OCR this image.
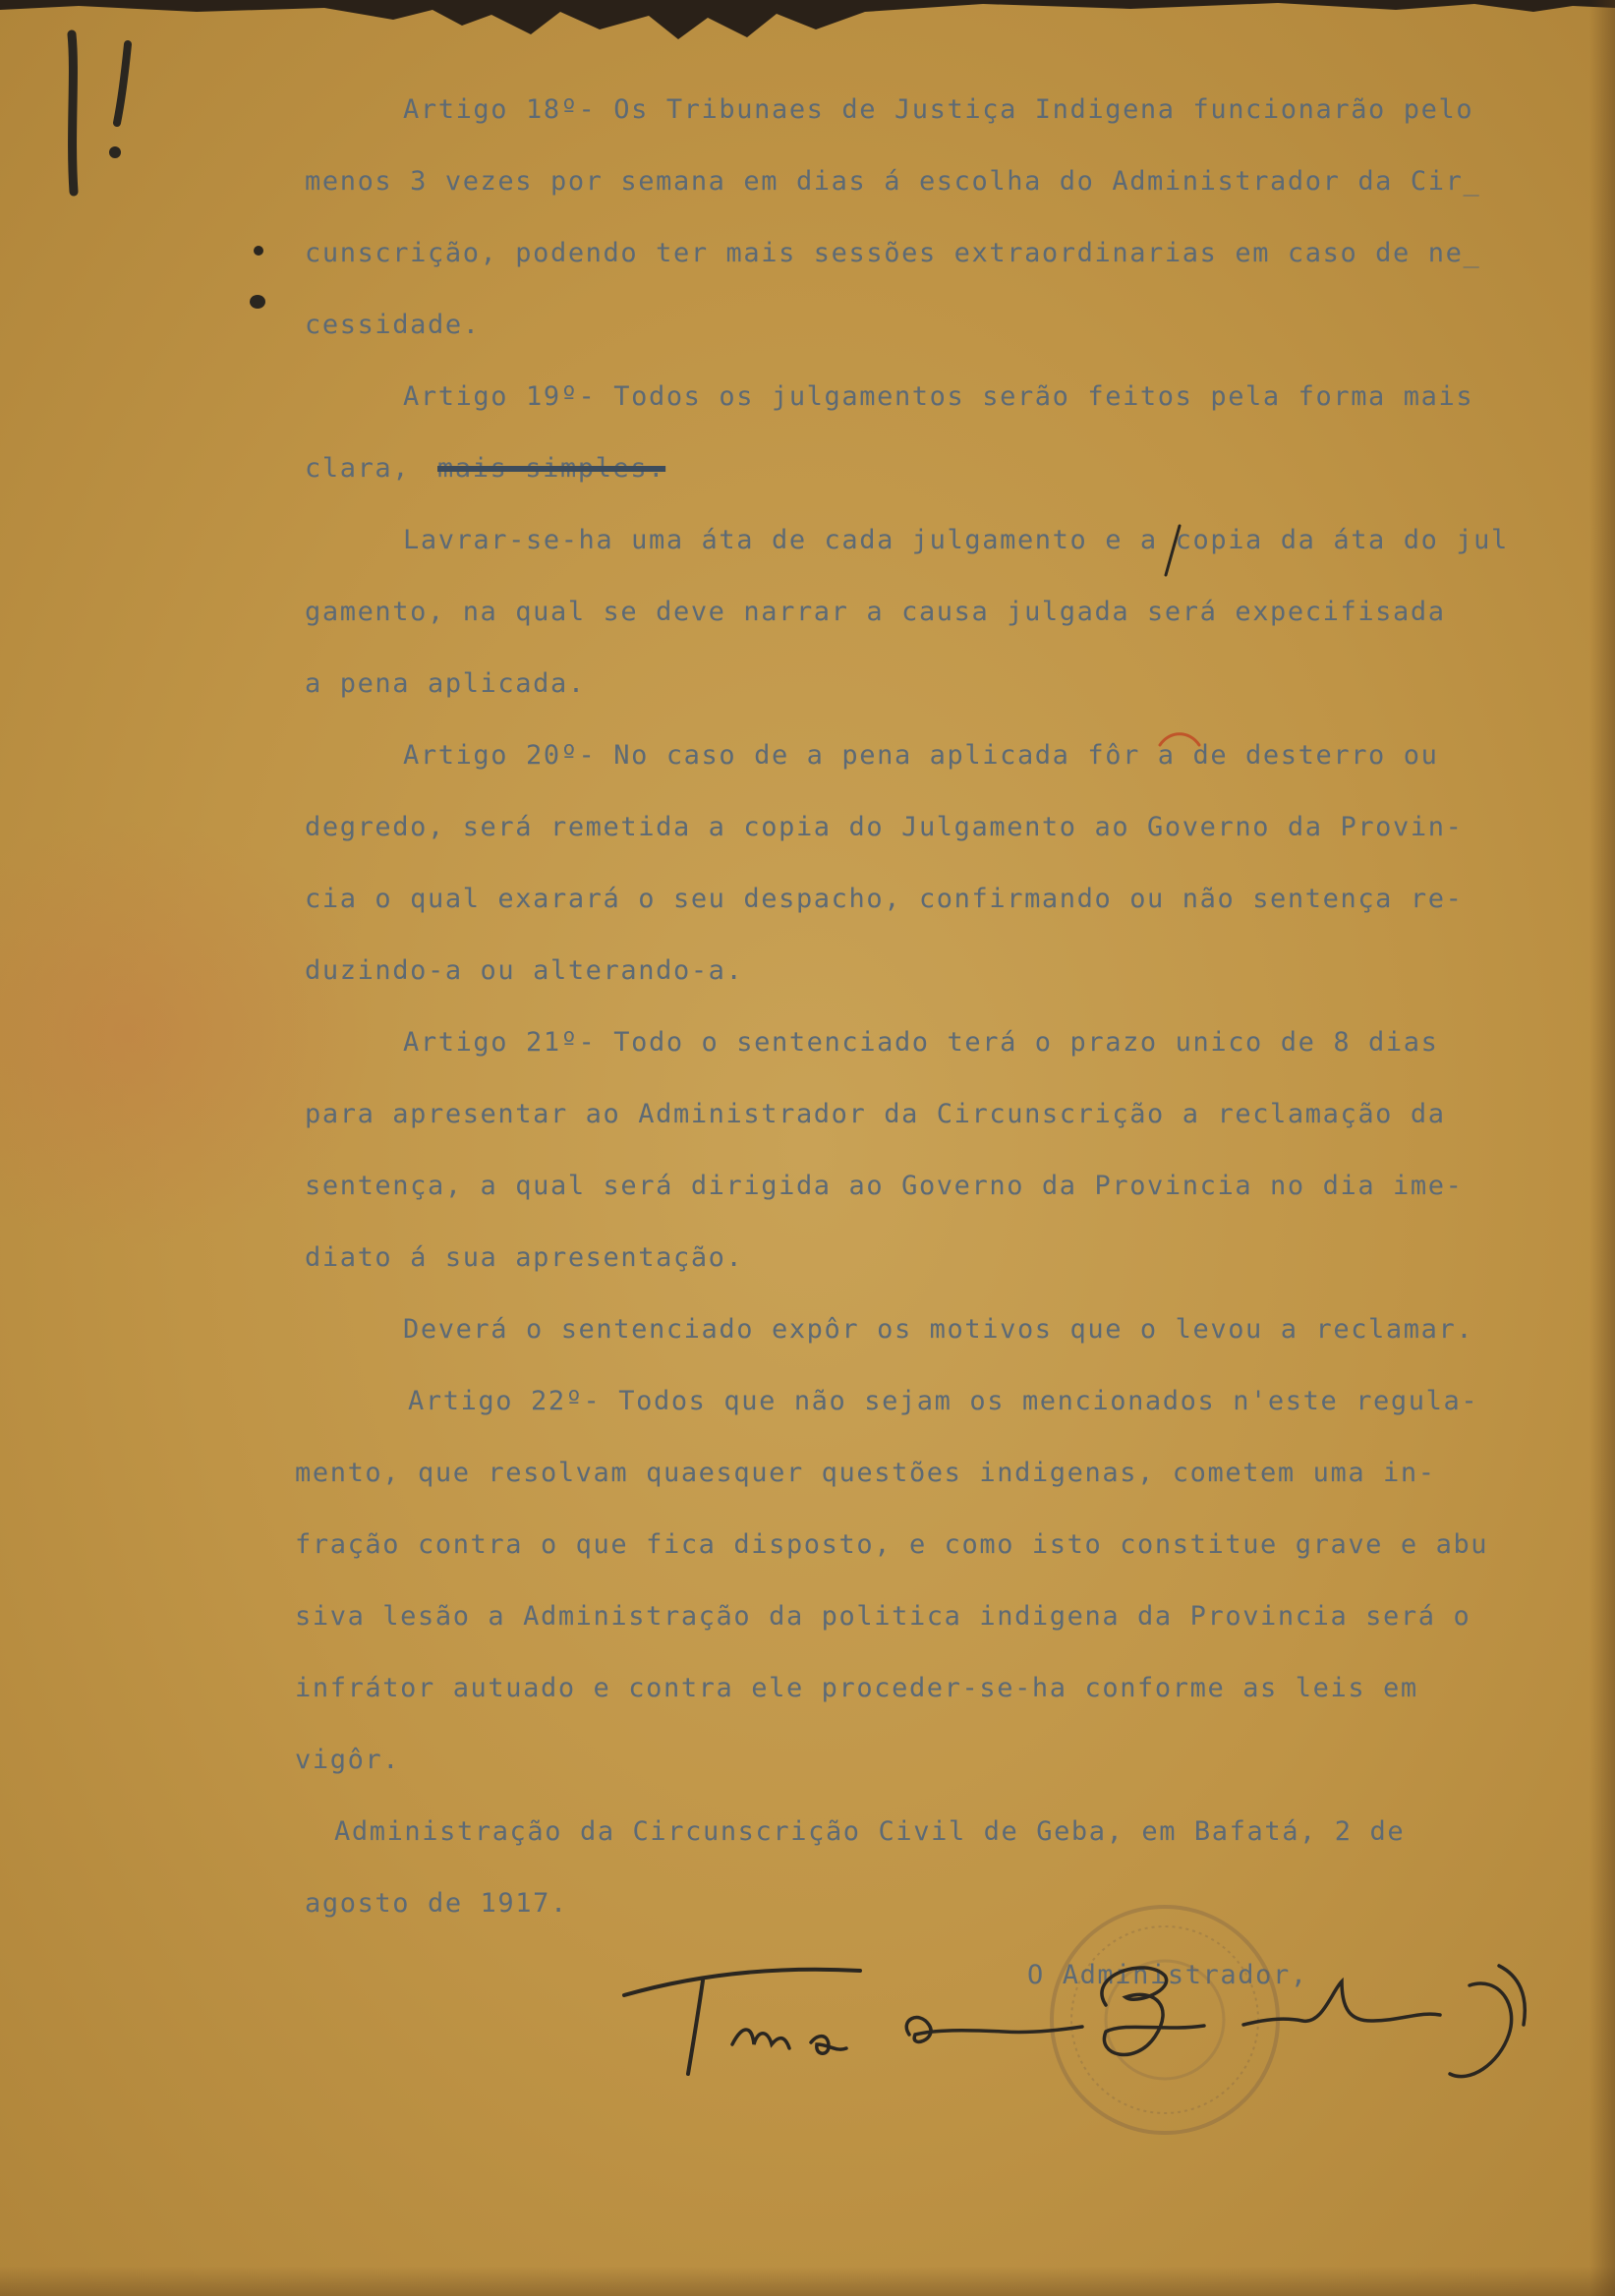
Artigo 18º- Os Tribunaes de Justiça Indigena funcionarão pelo
menos 3 vezes por semana em dias á escolha do Administrador da Cir_
cunscrição, podendo ter mais sessões extraordinarias em caso de ne_
cessidade.
Artigo 19º- Todos os julgamentos serão feitos pela forma mais
clara, mais simples.
Lavrar-se-ha uma áta de cada julgamento e a copia da áta do jul
gamento, na qual se deve narrar a causa julgada será expecifisada
a pena aplicada.
Artigo 20º- No caso de a pena aplicada fôr a de desterro ou
degredo, será remetida a copia do Julgamento ao Governo da Provin-
cia o qual exarará o seu despacho, confirmando ou não sentença re-
duzindo-a ou alterando-a.
Artigo 21º- Todo o sentenciado terá o prazo unico de 8 dias
para apresentar ao Administrador da Circunscrição a reclamação da
sentença, a qual será dirigida ao Governo da Provincia no dia ime-
diato á sua apresentação.
Deverá o sentenciado expôr os motivos que o levou a reclamar.
Artigo 22º- Todos que não sejam os mencionados n'este regula-
mento, que resolvam quaesquer questões indigenas, cometem uma in-
fração contra o que fica disposto, e como isto constitue grave e abu
siva lesão a Administração da politica indigena da Provincia será o
infrátor autuado e contra ele proceder-se-ha conforme as leis em
vigôr.
Administração da Circunscrição Civil de Geba, em Bafatá, 2 de
agosto de 1917.
O Administrador,
